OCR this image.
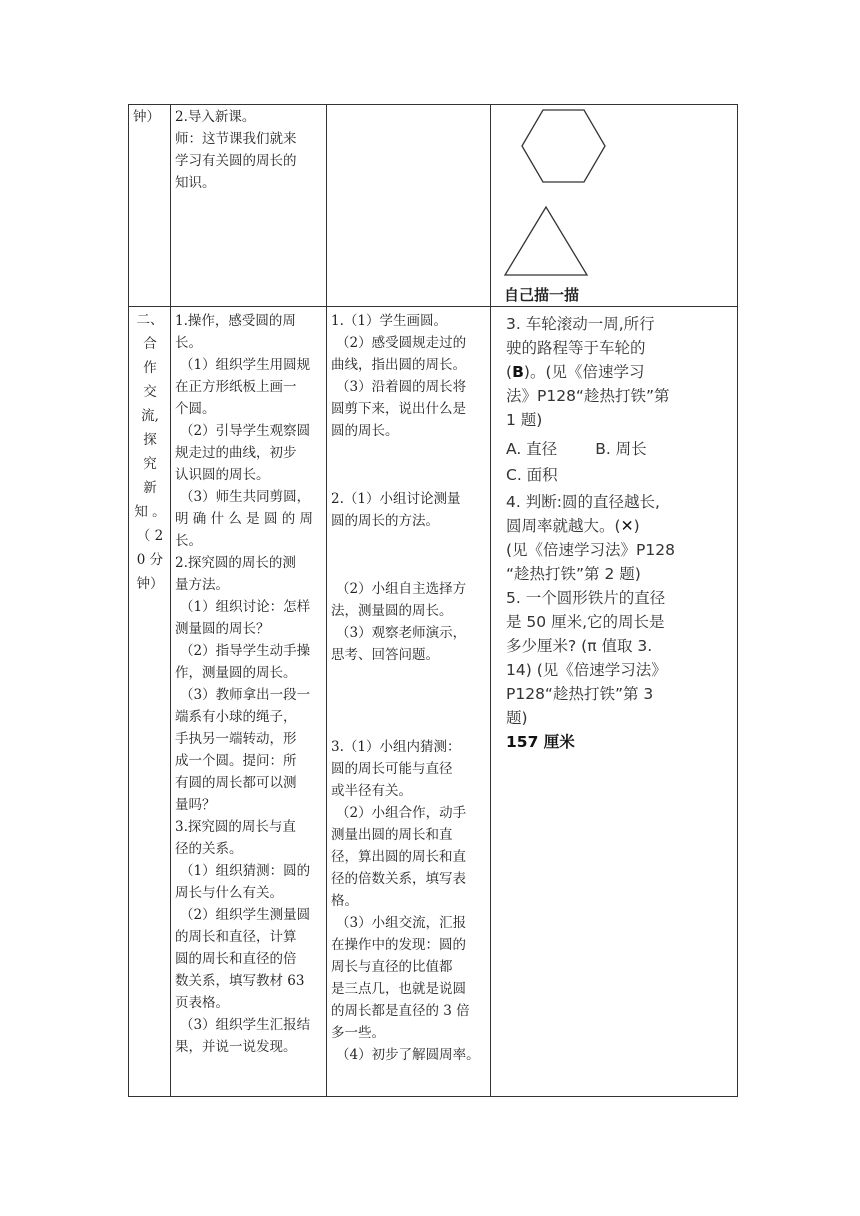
钟）	2.导入新课。

师：这节课我们就来

学习有关圆的周长的

知识。

自己描一描

二、
合
作
交
流,
探
究
新
知 。
（ 2
0 分
钟）

1.操作，感受圆的周
长。

（1）组织学生用圆规
在正方形纸板上画一
个圆。

（2）引导学生观察圆
规走过的曲线，初步
认识圆的周长。

（3）师生共同剪圆，
明 确 什 么 是 圆 的 周
长。

2.探究圆的周长的测
量方法。

（1）组织讨论：怎样
测量圆的周长？

（2）指导学生动手操
作，测量圆的周长。

（3）教师拿出一段一
端系有小球的绳子，
手执另一端转动，形
成一个圆。提问：所
有圆的周长都可以测
量吗？

3.探究圆的周长与直
径的关系。

（1）组织猜测：圆的
周长与什么有关。

（2）组织学生测量圆
的周长和直径，计算
圆的周长和直径的倍
数关系，填写教材 63
页表格。

（3）组织学生汇报结
果，并说一说发现。

1.（1）学生画圆。

（2）感受圆规走过的
曲线，指出圆的周长。

（3）沿着圆的周长将
圆剪下来，说出什么是
圆的周长。

2.（1）小组讨论测量
圆的周长的方法。

（2）小组自主选择方
法，测量圆的周长。

（3）观察老师演示，
思考、回答问题。

3.（1）小组内猜测：
圆的周长可能与直径
或半径有关。

（2）小组合作，动手
测量出圆的周长和直
径，算出圆的周长和直
径的倍数关系，填写表
格。

（3）小组交流，汇报
在操作中的发现：圆的
周长与直径的比值都
是三点几，也就是说圆
的周长都是直径的 3 倍
多一些。

（4）初步了解圆周率。

3. 车轮滚动一周,所行
驶的路程等于车轮的
(B)。(见《倍速学习
法》P128“趁热打铁”第
1 题)

A. 直径 B. 周长

C. 面积

4. 判断:圆的直径越长,
圆周率就越大。(✕)
(见《倍速学习法》P128
“趁热打铁”第 2 题)

5. 一个圆形铁片的直径
是 50 厘米,它的周长是
多少厘米? (π 值取 3.
14) (见《倍速学习法》
P128“趁热打铁”第 3
题)

157 厘米
